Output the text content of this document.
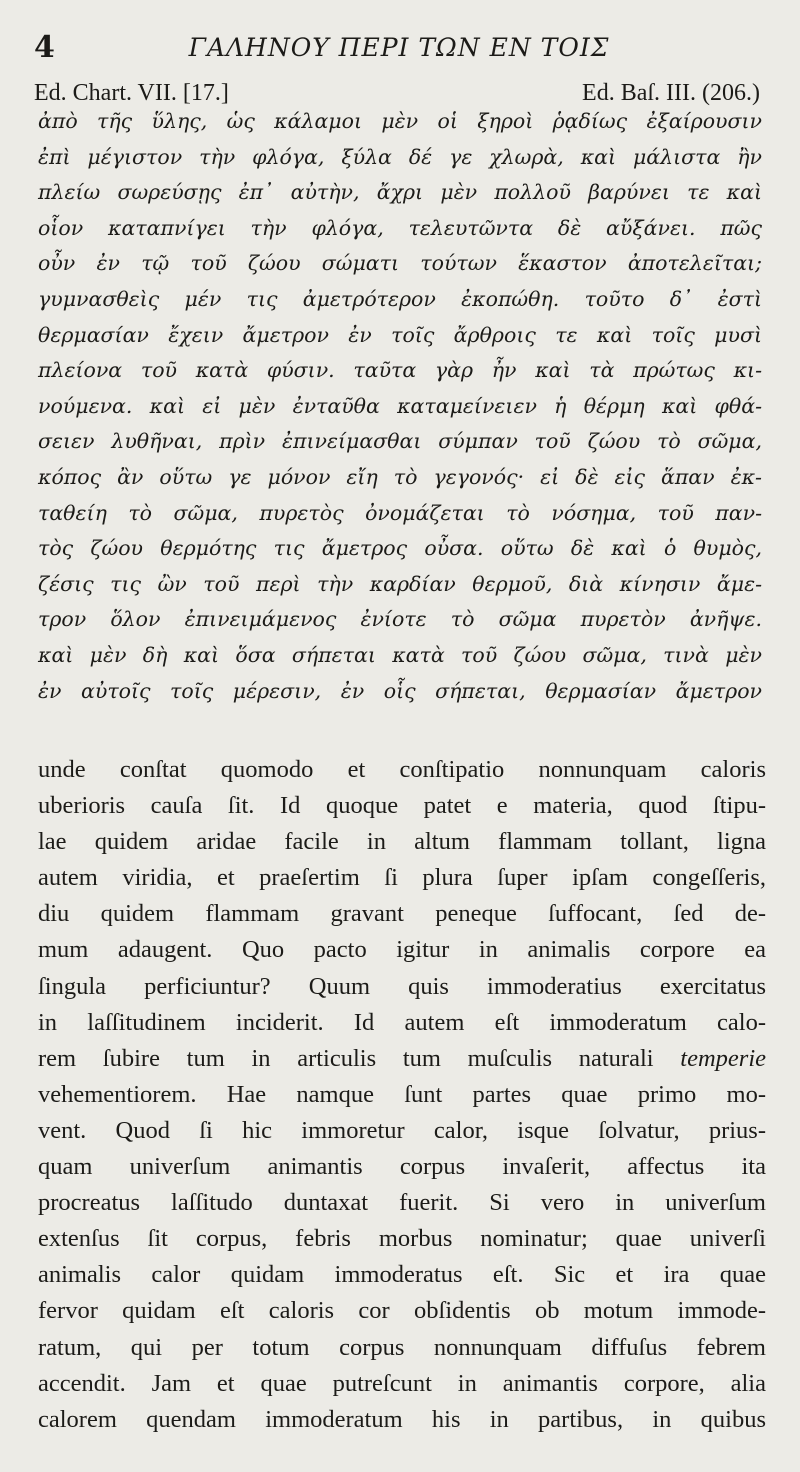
4	ΓΑΛΗΝΟΥ ΠΕΡΙ ΤΩΝ ΕΝ ΤΟΙΣ
Ed. Chart. VII. [17.]	Ed. Baſ. III. (206.)
ἀπὸ τῆς ὕλης, ὡς κάλαμοι μὲν οἱ ξηροὶ ῥᾳδίως ἐξαίρουσιν
ἐπὶ μέγιστον τὴν φλόγα, ξύλα δέ γε χλωρὰ, καὶ μάλιστα ἢν
πλείω σωρεύσῃς ἐπ᾽ αὐτὴν, ἄχρι μὲν πολλοῦ βαρύνει τε καὶ
οἷον καταπνίγει τὴν φλόγα, τελευτῶντα δὲ αὔξάνει. πῶς
οὖν ἐν τῷ τοῦ ζώου σώματι τούτων ἕκαστον ἀποτελεῖται;
γυμνασθεὶς μέν τις ἀμετρότερον ἐκοπώθη. τοῦτο δ᾽ ἐστὶ
θερμασίαν ἔχειν ἄμετρον ἐν τοῖς ἄρθροις τε καὶ τοῖς μυσὶ
πλείονα τοῦ κατὰ φύσιν. ταῦτα γὰρ ἦν καὶ τὰ πρώτως κι-
νούμενα. καὶ εἰ μὲν ἐνταῦθα καταμείνειεν ἡ θέρμη καὶ φθά-
σειεν λυθῆναι, πρὶν ἐπινείμασθαι σύμπαν τοῦ ζώου τὸ σῶμα,
κόπος ἂν οὕτω γε μόνον εἴη τὸ γεγονός· εἰ δὲ εἰς ἅπαν ἐκ-
ταθείη τὸ σῶμα, πυρετὸς ὀνομάζεται τὸ νόσημα, τοῦ παν-
τὸς ζώου θερμότης τις ἄμετρος οὖσα. οὕτω δὲ καὶ ὁ θυμὸς,
ζέσις τις ὢν τοῦ περὶ τὴν καρδίαν θερμοῦ, διὰ κίνησιν ἄμε-
τρον ὅλον ἐπινειμάμενος ἐνίοτε τὸ σῶμα πυρετὸν ἀνῆψε.
καὶ μὲν δὴ καὶ ὅσα σήπεται κατὰ τοῦ ζώου σῶμα, τινὰ μὲν
ἐν αὐτοῖς τοῖς μέρεσιν, ἐν οἷς σήπεται, θερμασίαν ἄμετρον
unde conſtat quomodo et conſtipatio nonnunquam caloris
uberioris cauſa ſit. Id quoque patet e materia, quod ſtipu-
lae quidem aridae facile in altum flammam tollant, ligna
autem viridia, et praeſertim ſi plura ſuper ipſam congeſſeris,
diu quidem flammam gravant peneque ſuffocant, ſed de-
mum adaugent. Quo pacto igitur in animalis corpore ea
ſingula perficiuntur? Quum quis immoderatius exercitatus
in laſſitudinem inciderit. Id autem eſt immoderatum calo-
rem ſubire tum in articulis tum muſculis naturali temperie
vehementiorem. Hae namque ſunt partes quae primo mo-
vent. Quod ſi hic immoretur calor, isque ſolvatur, prius-
quam univerſum animantis corpus invaſerit, affectus ita
procreatus laſſitudo duntaxat fuerit. Si vero in univerſum
extenſus ſit corpus, febris morbus nominatur; quae univerſi
animalis calor quidam immoderatus eſt. Sic et ira quae
fervor quidam eſt caloris cor obſidentis ob motum immode-
ratum, qui per totum corpus nonnunquam diffuſus febrem
accendit. Jam et quae putreſcunt in animantis corpore, alia
calorem quendam immoderatum his in partibus, in quibus
